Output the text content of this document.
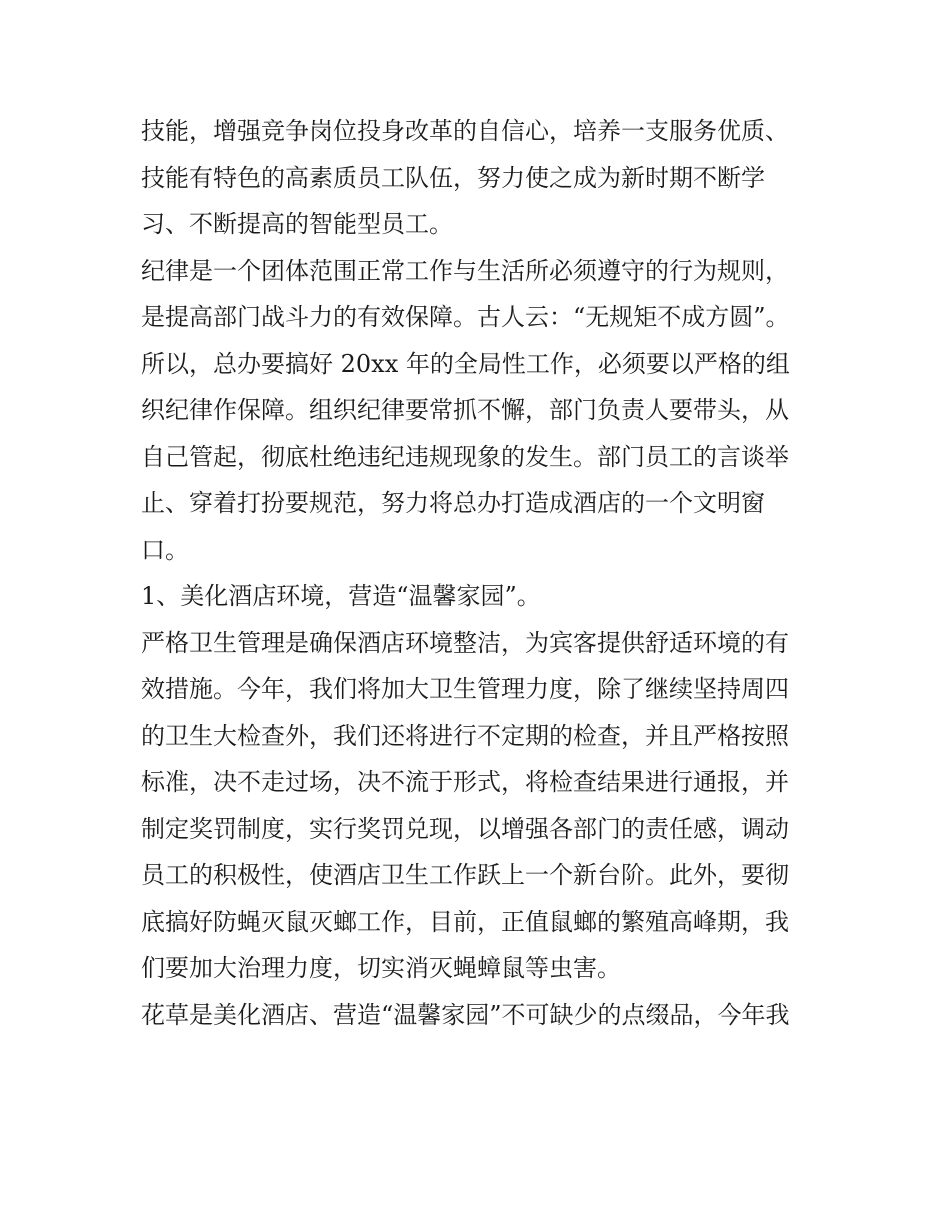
技能，增强竞争岗位投身改革的自信心，培养一支服务优质、
技能有特色的高素质员工队伍，努力使之成为新时期不断学
习、不断提高的智能型员工。
纪律是一个团体范围正常工作与生活所必须遵守的行为规则，
是提高部门战斗力的有效保障。古人云：“无规矩不成方圆”。
所以，总办要搞好 20xx 年的全局性工作，必须要以严格的组
织纪律作保障。组织纪律要常抓不懈，部门负责人要带头，从
自己管起，彻底杜绝违纪违规现象的发生。部门员工的言谈举
止、穿着打扮要规范，努力将总办打造成酒店的一个文明窗
口。
1、美化酒店环境，营造“温馨家园”。
严格卫生管理是确保酒店环境整洁，为宾客提供舒适环境的有
效措施。今年，我们将加大卫生管理力度，除了继续坚持周四
的卫生大检查外，我们还将进行不定期的检查，并且严格按照
标准，决不走过场，决不流于形式，将检查结果进行通报，并
制定奖罚制度，实行奖罚兑现，以增强各部门的责任感，调动
员工的积极性，使酒店卫生工作跃上一个新台阶。此外，要彻
底搞好防蝇灭鼠灭螂工作，目前，正值鼠螂的繁殖高峰期，我
们要加大治理力度，切实消灭蝇蟑鼠等虫害。
花草是美化酒店、营造“温馨家园”不可缺少的点缀品，今年我
